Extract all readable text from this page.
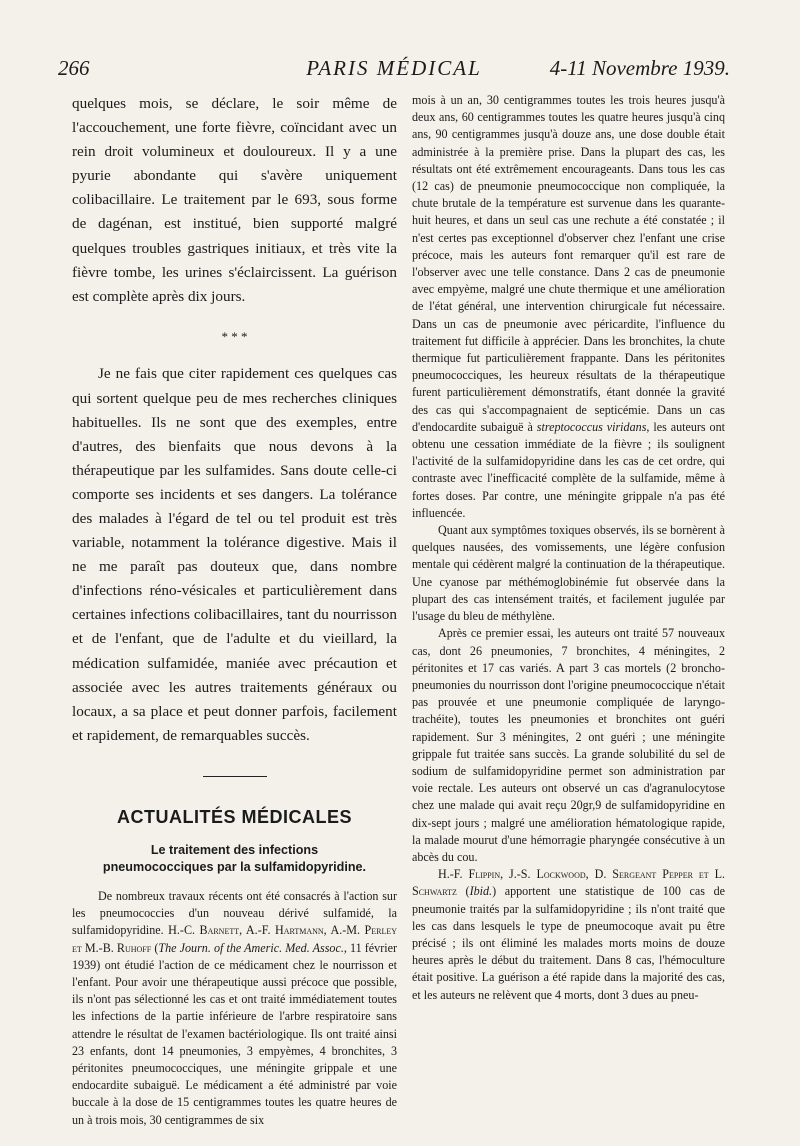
266	PARIS MÉDICAL	4-11 Novembre 1939.

quelques mois, se déclare, le soir même de l'accouchement, une forte fièvre, coïncidant avec un rein droit volumineux et douloureux. Il y a une pyurie abondante qui s'avère uniquement colibacillaire. Le traitement par le 693, sous forme de dagénan, est institué, bien supporté malgré quelques troubles gastriques initiaux, et très vite la fièvre tombe, les urines s'éclaircissent. La guérison est complète après dix jours.

* * *

Je ne fais que citer rapidement ces quelques cas qui sortent quelque peu de mes recherches cliniques habituelles. Ils ne sont que des exemples, entre d'autres, des bienfaits que nous devons à la thérapeutique par les sulfamides. Sans doute celle-ci comporte ses incidents et ses dangers. La tolérance des malades à l'égard de tel ou tel produit est très variable, notamment la tolérance digestive. Mais il ne me paraît pas douteux que, dans nombre d'infections réno-vésicales et particulièrement dans certaines infections colibacillaires, tant du nourrisson et de l'enfant, que de l'adulte et du vieillard, la médication sulfamidée, maniée avec précaution et associée avec les autres traitements généraux ou locaux, a sa place et peut donner parfois, facilement et rapidement, de remarquables succès.

ACTUALITÉS MÉDICALES
Le traitement des infections
pneumococciques par la sulfamidopyridine.

De nombreux travaux récents ont été consacrés à l'action sur les pneumococcies d'un nouveau dérivé sulfamidé, la sulfamidopyridine. H.-C. Barnett, A.-F. Hartmann, A.-M. Perley et M.-B. Ruhoff (The Journ. of the Americ. Med. Assoc., 11 février 1939) ont étudié l'action de ce médicament chez le nourrisson et l'enfant. Pour avoir une thérapeutique aussi précoce que possible, ils n'ont pas sélectionné les cas et ont traité immédiatement toutes les infections de la partie inférieure de l'arbre respiratoire sans attendre le résultat de l'examen bactériologique. Ils ont traité ainsi 23 enfants, dont 14 pneumonies, 3 empyèmes, 4 bronchites, 3 péritonites pneumococciques, une méningite grippale et une endocardite subaiguë. Le médicament a été administré par voie buccale à la dose de 15 centigrammes toutes les quatre heures de un à trois mois, 30 centigrammes de six

mois à un an, 30 centigrammes toutes les trois heures jusqu'à deux ans, 60 centigrammes toutes les quatre heures jusqu'à cinq ans, 90 centigrammes jusqu'à douze ans, une dose double était administrée à la première prise. Dans la plupart des cas, les résultats ont été extrêmement encourageants. Dans tous les cas (12 cas) de pneumonie pneumococcique non compliquée, la chute brutale de la température est survenue dans les quarante-huit heures, et dans un seul cas une rechute a été constatée ; il n'est certes pas exceptionnel d'observer chez l'enfant une crise précoce, mais les auteurs font remarquer qu'il est rare de l'observer avec une telle constance. Dans 2 cas de pneumonie avec empyème, malgré une chute thermique et une amélioration de l'état général, une intervention chirurgicale fut nécessaire. Dans un cas de pneumonie avec péricardite, l'influence du traitement fut difficile à apprécier. Dans les bronchites, la chute thermique fut particulièrement frappante. Dans les péritonites pneumococciques, les heureux résultats de la thérapeutique furent particulièrement démonstratifs, étant donnée la gravité des cas qui s'accompagnaient de septicémie. Dans un cas d'endocardite subaiguë à streptococcus viridans, les auteurs ont obtenu une cessation immédiate de la fièvre ; ils soulignent l'activité de la sulfamidopyridine dans les cas de cet ordre, qui contraste avec l'inefficacité complète de la sulfamide, même à fortes doses. Par contre, une méningite grippale n'a pas été influencée.

Quant aux symptômes toxiques observés, ils se bornèrent à quelques nausées, des vomissements, une légère confusion mentale qui cédèrent malgré la continuation de la thérapeutique. Une cyanose par méthémoglobinémie fut observée dans la plupart des cas intensément traités, et facilement jugulée par l'usage du bleu de méthylène.

Après ce premier essai, les auteurs ont traité 57 nouveaux cas, dont 26 pneumonies, 7 bronchites, 4 méningites, 2 péritonites et 17 cas variés. A part 3 cas mortels (2 broncho-pneumonies du nourrisson dont l'origine pneumococcique n'était pas prouvée et une pneumonie compliquée de laryngo-trachéite), toutes les pneumonies et bronchites ont guéri rapidement. Sur 3 méningites, 2 ont guéri ; une méningite grippale fut traitée sans succès. La grande solubilité du sel de sodium de sulfamidopyridine permet son administration par voie rectale. Les auteurs ont observé un cas d'agranulocytose chez une malade qui avait reçu 20gr,9 de sulfamidopyridine en dix-sept jours ; malgré une amélioration hématologique rapide, la malade mourut d'une hémorragie pharyngée consécutive à un abcès du cou.

H.-F. Flippin, J.-S. Lockwood, D. Sergeant Pepper et L. Schwartz (Ibid.) apportent une statistique de 100 cas de pneumonie traités par la sulfamidopyridine ; ils n'ont traité que les cas dans lesquels le type de pneumocoque avait pu être précisé ; ils ont éliminé les malades morts moins de douze heures après le début du traitement. Dans 8 cas, l'hémoculture était positive. La guérison a été rapide dans la majorité des cas, et les auteurs ne relèvent que 4 morts, dont 3 dues au pneu-
